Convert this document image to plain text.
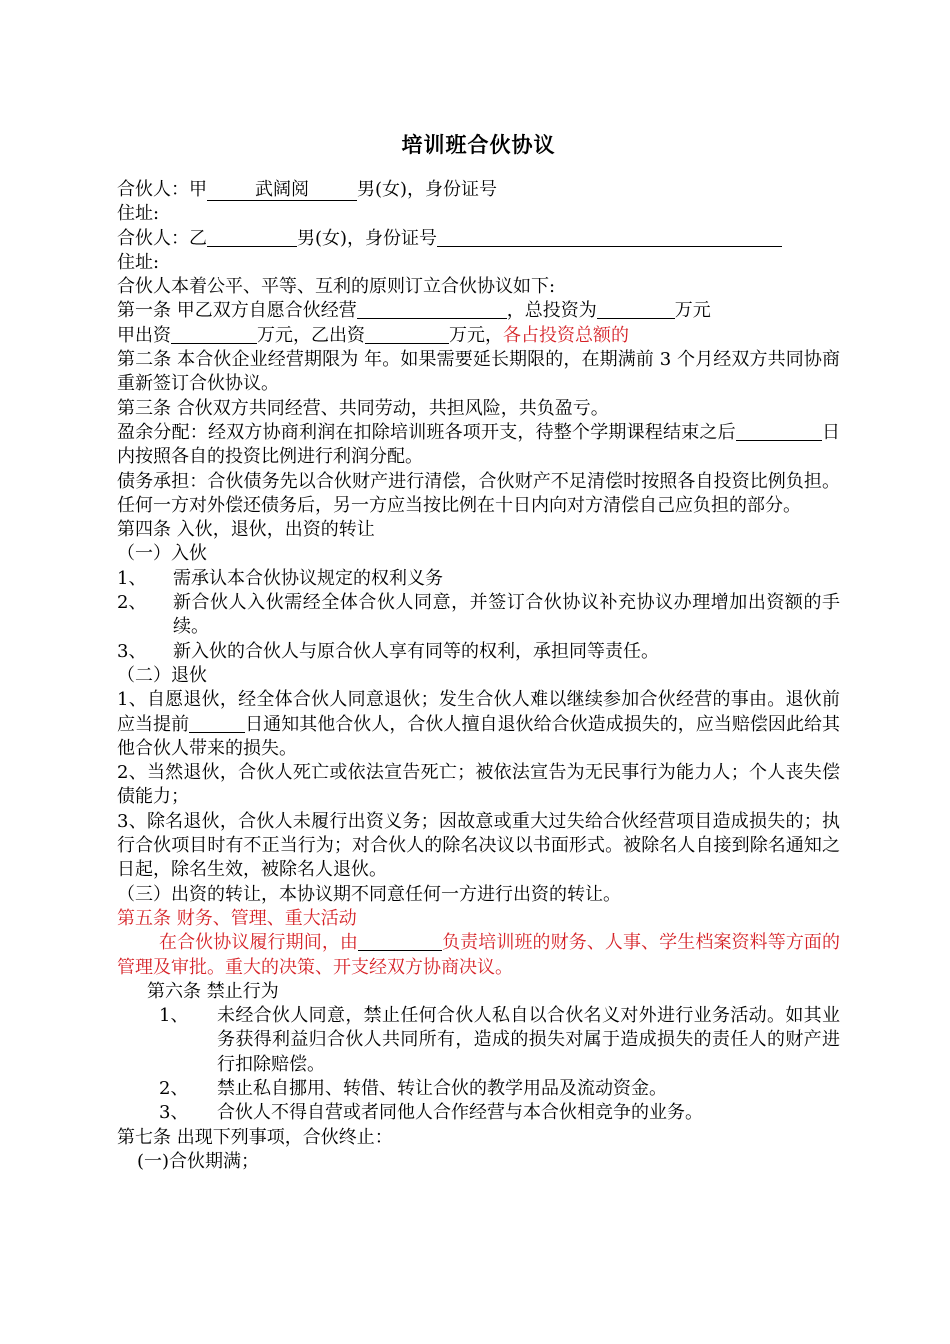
培训班合伙协议
合伙人：甲	武阔阅	男(女)，身份证号
住址:
合伙人：乙	男(女)，身份证号
住址:
合伙人本着公平、平等、互利的原则订立合伙协议如下:
第一条 甲乙双方自愿合伙经营	，总投资为	万元
甲出资	万元，乙出资	万元，各占投资总额的
第二条 本合伙企业经营期限为 年。如果需要延长期限的，在期满前 3 个月经双方共同协商重新签订合伙协议。
第三条 合伙双方共同经营、共同劳动，共担风险，共负盈亏。
盈余分配：经双方协商利润在扣除培训班各项开支，待整个学期课程结束之后	日内按照各自的投资比例进行利润分配。
债务承担：合伙债务先以合伙财产进行清偿，合伙财产不足清偿时按照各自投资比例负担。任何一方对外偿还债务后，另一方应当按比例在十日内向对方清偿自己应负担的部分。
第四条 入伙，退伙，出资的转让
（一）入伙
1、	需承认本合伙协议规定的权利义务
2、	新合伙人入伙需经全体合伙人同意，并签订合伙协议补充协议办理增加出资额的手续。
3、	新入伙的合伙人与原合伙人享有同等的权利，承担同等责任。
（二）退伙
1、自愿退伙，经全体合伙人同意退伙；发生合伙人难以继续参加合伙经营的事由。退伙前应当提前	日通知其他合伙人，合伙人擅自退伙给合伙造成损失的，应当赔偿因此给其他合伙人带来的损失。
2、当然退伙，合伙人死亡或依法宣告死亡；被依法宣告为无民事行为能力人；个人丧失偿债能力；
3、除名退伙，合伙人未履行出资义务；因故意或重大过失给合伙经营项目造成损失的；执行合伙项目时有不正当行为；对合伙人的除名决议以书面形式。被除名人自接到除名通知之日起，除名生效，被除名人退伙。
（三）出资的转让，本协议期不同意任何一方进行出资的转让。
第五条 财务、管理、重大活动
在合伙协议履行期间，由	负责培训班的财务、人事、学生档案资料等方面的管理及审批。重大的决策、开支经双方协商决议。
第六条 禁止行为
1、	未经合伙人同意，禁止任何合伙人私自以合伙名义对外进行业务活动。如其业务获得利益归合伙人共同所有，造成的损失对属于造成损失的责任人的财产进行扣除赔偿。
2、	禁止私自挪用、转借、转让合伙的教学用品及流动资金。
3、	合伙人不得自营或者同他人合作经营与本合伙相竞争的业务。
第七条 出现下列事项，合伙终止：
(一)合伙期满；
